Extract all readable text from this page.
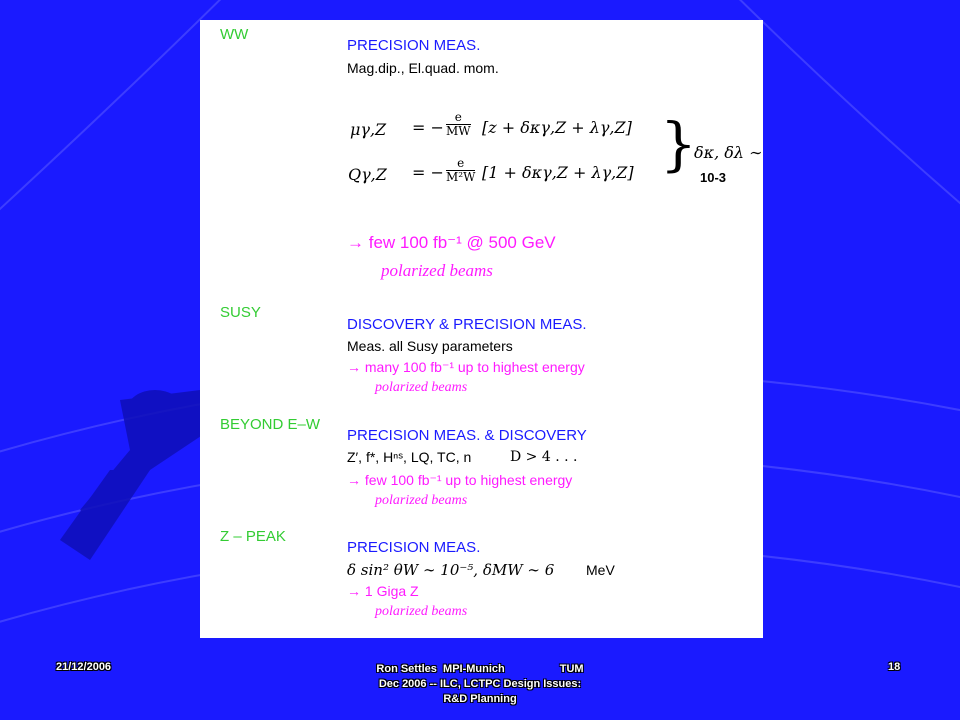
WW
PRECISION MEAS.
Mag.dip., El.quad. mom.
μγ,Z = − $\frac{e}{MW} [z + \delta\kappa\gamma,Z + \lambda\gamma,Z]$
Qγ,Z = − $\frac{e}{\text{M²W}} [1 + \delta\kappa\gamma,Z + \lambda\gamma,Z]$ }
δκ, δλ ∼
10-3
→ few 100 fb⁻¹ @ 500 GeV
polarized beams
SUSY
DISCOVERY & PRECISION MEAS.
Meas. all Susy parameters
→ many 100 fb⁻¹ up to highest energy
polarized beams
BEYOND E–W
PRECISION MEAS. & DISCOVERY
Z′, f*, Hⁿˢ, LQ, TC, n	D > 4 . . .
→ few 100 fb⁻¹ up to highest energy
polarized beams
Z – PEAK
PRECISION MEAS.
δ sin² θW ∼ 10⁻⁵, δMW ∼ 6 MeV
→ 1 Giga Z
polarized beams
21/12/2006	Ron Settles  MPI-Munich                  TUM
Dec 2006 -- ILC, LCTPC Design Issues:
R&D Planning
18
